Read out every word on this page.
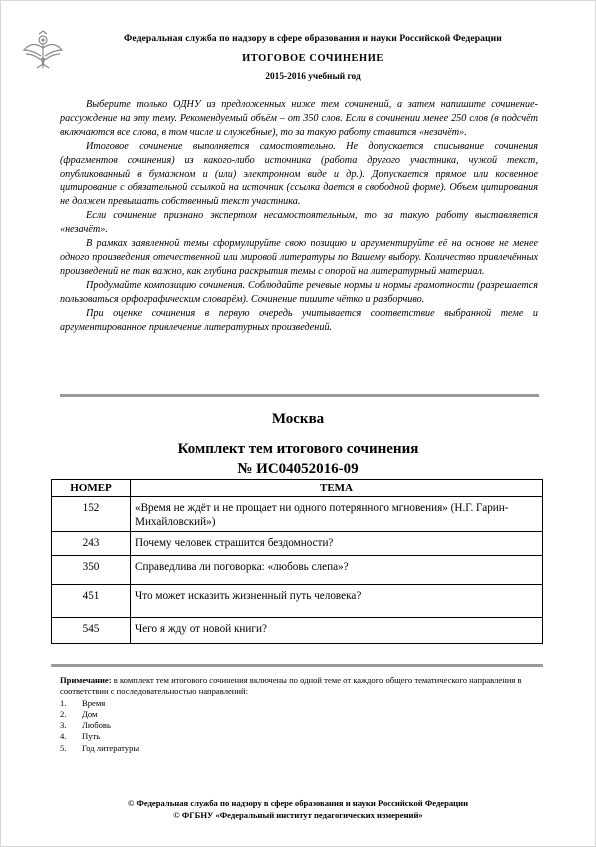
Федеральная служба по надзору в сфере образования и науки Российской Федерации
ИТОГОВОЕ СОЧИНЕНИЕ
2015-2016 учебный год

Выберите только ОДНУ из предложенных ниже тем сочинений, а затем напишите сочинение-рассуждение на эту тему. Рекомендуемый объём – от 350 слов. Если в сочинении менее 250 слов (в подсчёт включаются все слова, в том числе и служебные), то за такую работу ставится «незачёт».

Итоговое сочинение выполняется самостоятельно. Не допускается списывание сочинения (фрагментов сочинения) из какого-либо источника (работа другого участника, чужой текст, опубликованный в бумажном и (или) электронном виде и др.). Допускается прямое или косвенное цитирование с обязательной ссылкой на источник (ссылка дается в свободной форме). Объем цитирования не должен превышать собственный текст участника.

Если сочинение признано экспертом несамостоятельным, то за такую работу выставляется «незачёт».

В рамках заявленной темы сформулируйте свою позицию и аргументируйте её на основе не менее одного произведения отечественной или мировой литературы по Вашему выбору. Количество привлечённых произведений не так важно, как глубина раскрытия темы с опорой на литературный материал.

Продумайте композицию сочинения. Соблюдайте речевые нормы и нормы грамотности (разрешается пользоваться орфографическим словарём). Сочинение пишите чётко и разборчиво.

При оценке сочинения в первую очередь учитывается соответствие выбранной теме и аргументированное привлечение литературных произведений.

Москва
Комплект тем итогового сочинения
№ ИС04052016-09
НОМЕР	ТЕМА
152	«Время не ждёт и не прощает ни одного потерянного мгновения» (Н.Г. Гарин-Михайловский»)
243	Почему человек страшится бездомности?
350	Справедлива ли поговорка: «любовь слепа»?
451	Что может исказить жизненный путь человека?
545	Чего я жду от новой книги?
Примечание: в комплект тем итогового сочинения включены по одной теме от каждого общего тематического направления в соответствии с последовательностью направлений:
1.	Время
2.	Дом
3.	Любовь
4.	Путь
5.	Год литературы
© Федеральная служба по надзору в сфере образования и науки Российской Федерации
© ФГБНУ «Федеральный институт педагогических измерений»
